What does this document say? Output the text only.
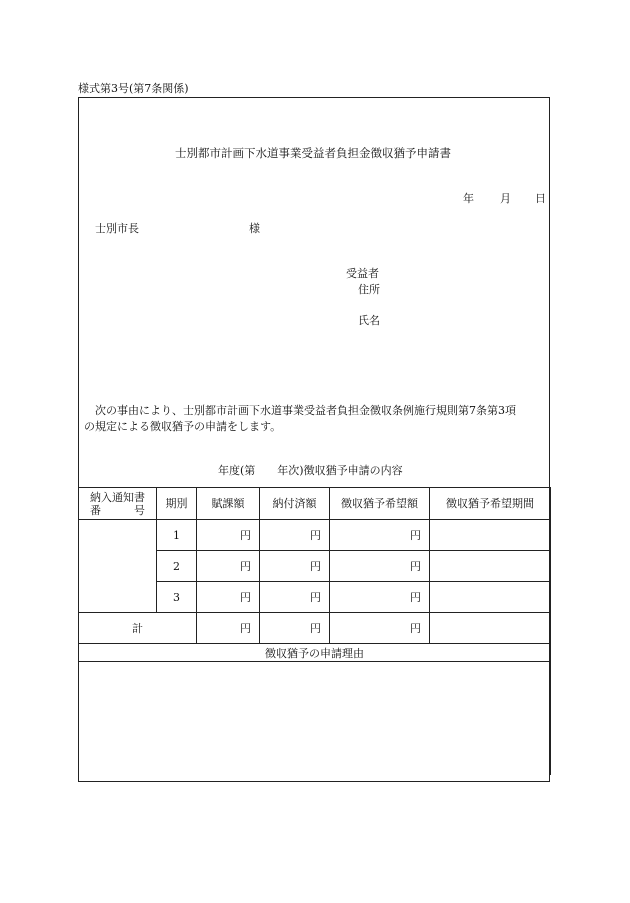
様式第3号(第7条関係)
士別都市計画下水道事業受益者負担金徴収猶予申請書
年 月 日
士別市長	様
受益者
住所
氏名
次の事由により、士別都市計画下水道事業受益者負担金徴収条例施行規則第7条第3項
の規定による徴収猶予の申請をします。
年度(第　　年次)徴収猶予申請の内容
納入通知書
番　　　号	期別	賦課額	納付済額	徴収猶予希望額	徴収猶予希望期間
	1	円	円	円	
	2	円	円	円	
	3	円	円	円	
計		円	円	円	
徴収猶予の申請理由					
